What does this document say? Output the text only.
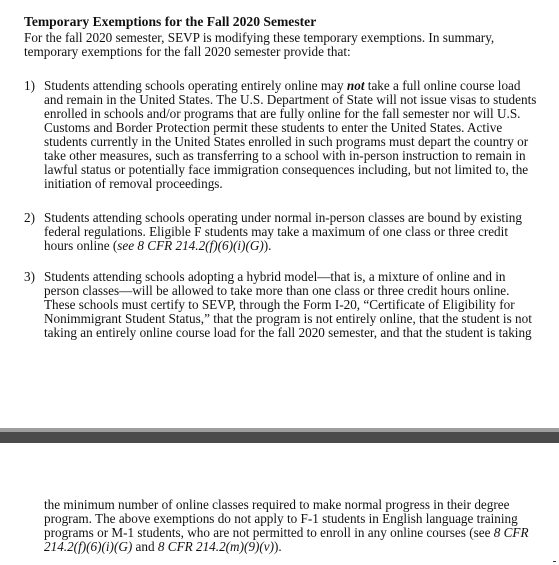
Temporary Exemptions for the Fall 2020 Semester
For the fall 2020 semester, SEVP is modifying these temporary exemptions. In summary,
temporary exemptions for the fall 2020 semester provide that:
1) Students attending schools operating entirely online may not take a full online course load
and remain in the United States. The U.S. Department of State will not issue visas to students
enrolled in schools and/or programs that are fully online for the fall semester nor will U.S.
Customs and Border Protection permit these students to enter the United States. Active
students currently in the United States enrolled in such programs must depart the country or
take other measures, such as transferring to a school with in-person instruction to remain in
lawful status or potentially face immigration consequences including, but not limited to, the
initiation of removal proceedings.
2) Students attending schools operating under normal in-person classes are bound by existing
federal regulations. Eligible F students may take a maximum of one class or three credit
hours online (see 8 CFR 214.2(f)(6)(i)(G)).
3) Students attending schools adopting a hybrid model—that is, a mixture of online and in
person classes—will be allowed to take more than one class or three credit hours online.
These schools must certify to SEVP, through the Form I-20, “Certificate of Eligibility for
Nonimmigrant Student Status,” that the program is not entirely online, that the student is not
taking an entirely online course load for the fall 2020 semester, and that the student is taking
the minimum number of online classes required to make normal progress in their degree
program. The above exemptions do not apply to F-1 students in English language training
programs or M-1 students, who are not permitted to enroll in any online courses (see 8 CFR
214.2(f)(6)(i)(G) and 8 CFR 214.2(m)(9)(v)).
